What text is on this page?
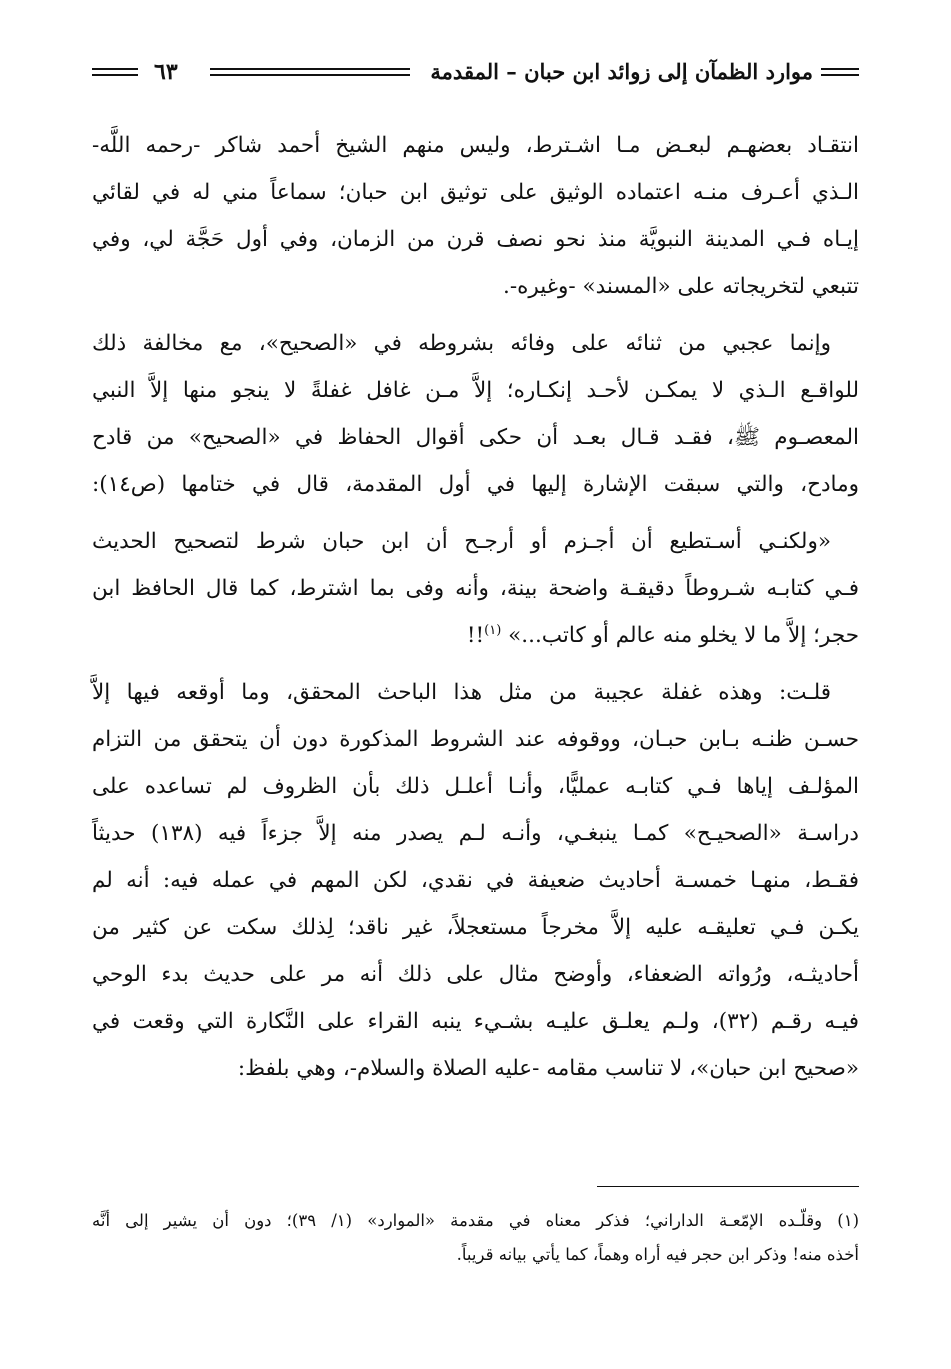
موارد الظمآن إلى زوائد ابن حبان – المقدمة
٦٣

انتقـاد بعضهـم لبعـض مـا اشـترط، وليس منهم الشيخ أحمد شاكر -رحمه اللَّه-
الـذي أعـرف منـه اعتماده الوثيق على توثيق ابن حبان؛ سماعاً مني له في لقائي
إيـاه فـي المدينة النبويَّة منذ نحو نصف قرن من الزمان، وفي أول حَجَّة لي، وفي
تتبعي لتخريجاته على «المسند» -وغيره-.

وإنما عجبي من ثنائه على وفائه بشروطه في «الصحيح»، مع مخالفة ذلك
للواقـع الـذي لا يمكـن لأحـد إنكـاره؛ إلاَّ مـن غافل غفلةً لا ينجو منها إلاَّ النبي
المعصـوم ﷺ، فقـد قـال بعـد أن حكى أقوال الحفاظ في «الصحيح» من قادح
ومادح، والتي سبقت الإشارة إليها في أول المقدمة، قال في ختامها (ص١٤):

«ولكنـي أسـتطيع أن أجـزم أو أرجـح أن ابن حبان شرط لتصحيح الحديث
فـي كتابـه شـروطاً دقيقـة واضحة بينة، وأنه وفى بما اشترط، كما قال الحافظ ابن
حجر؛ إلاَّ ما لا يخلو منه عالم أو كاتب...» $^{(١)}$!!

قلـت: وهذه غفلة عجيبة من مثل هذا الباحث المحقق، وما أوقعه فيها إلاَّ
حسـن ظنـه بـابن حبـان، ووقوفه عند الشروط المذكورة دون أن يتحقق من التزام
المؤلـف إياها فـي كتابـه عمليًّا، وأنـا أعلـل ذلك بأن الظروف لم تساعده على
دراسـة «الصحيـح» كمـا ينبغـي، وأنـه لـم يصدر منه إلاَّ جزءاً فيه (١٣٨) حديثاً
فقـط، منهـا خمسـة أحاديث ضعيفة في نقدي، لكن المهم في عمله فيه: أنه لم
يكـن فـي تعليقـه عليه إلاَّ مخرجاً مستعجلاً، غير ناقد؛ لِذلك سكت عن كثير من
أحاديثـه، ورُواته الضعفاء، وأوضح مثال على ذلك أنه مر على حديث بدء الوحي
فيـه رقـم (٣٢)، ولـم يعلـق عليـه بشـيء ينبه القراء على النَّكارة التي وقعت في
«صحيح ابن حبان»، لا تناسب مقامه -عليه الصلاة والسلام-، وهي بلفظ:

(١) وقلّـده الإمّعـة الداراني؛ فذكر معناه في مقدمة «الموارد» (١/ ٣٩)؛ دون أن يشير إلى أنَّه
أخذه منه! وذكر ابن حجر فيه أراه وهماً، كما يأتي بيانه قريباً.
